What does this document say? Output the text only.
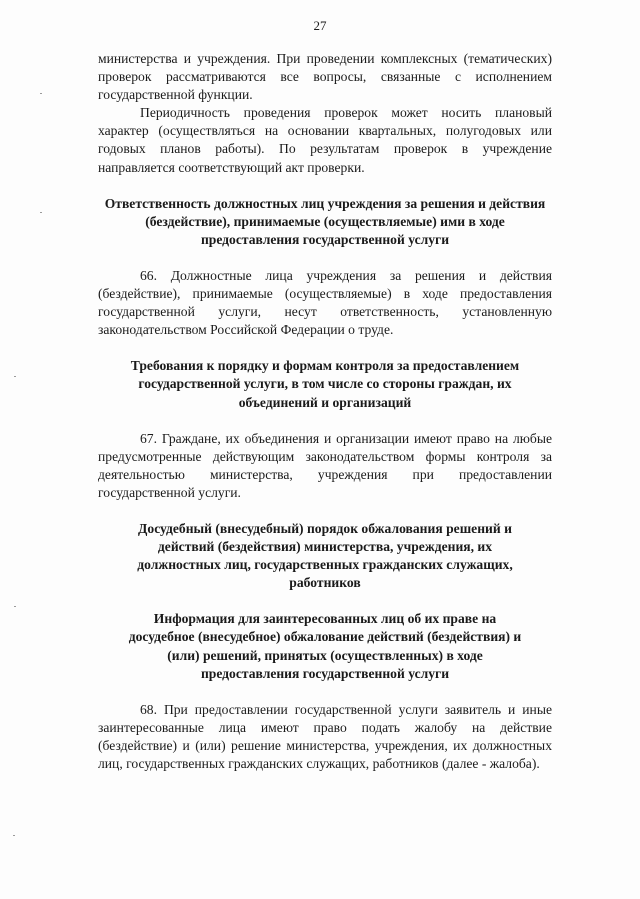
27

министерства и учреждения. При проведении комплексных (тематических) проверок рассматриваются все вопросы, связанные с исполнением государственной функции.

Периодичность проведения проверок может носить плановый характер (осуществляться на основании квартальных, полугодовых или годовых планов работы). По результатам проверок в учреждение направляется соответствующий акт проверки.

Ответственность должностных лиц учреждения за решения и действия (бездействие), принимаемые (осуществляемые) ими в ходе предоставления государственной услуги

66. Должностные лица учреждения за решения и действия (бездействие), принимаемые (осуществляемые) в ходе предоставления государственной услуги, несут ответственность, установленную законодательством Российской Федерации о труде.

Требования к порядку и формам контроля за предоставлением государственной услуги, в том числе со стороны граждан, их объединений и организаций

67. Граждане, их объединения и организации имеют право на любые предусмотренные действующим законодательством формы контроля за деятельностью министерства, учреждения при предоставлении государственной услуги.

Досудебный (внесудебный) порядок обжалования решений и действий (бездействия) министерства, учреждения, их должностных лиц, государственных гражданских служащих, работников

Информация для заинтересованных лиц об их праве на досудебное (внесудебное) обжалование действий (бездействия) и (или) решений, принятых (осуществленных) в ходе предоставления государственной услуги

68. При предоставлении государственной услуги заявитель и иные заинтересованные лица имеют право подать жалобу на действие (бездействие) и (или) решение министерства, учреждения, их должностных лиц, государственных гражданских служащих, работников (далее - жалоба).
